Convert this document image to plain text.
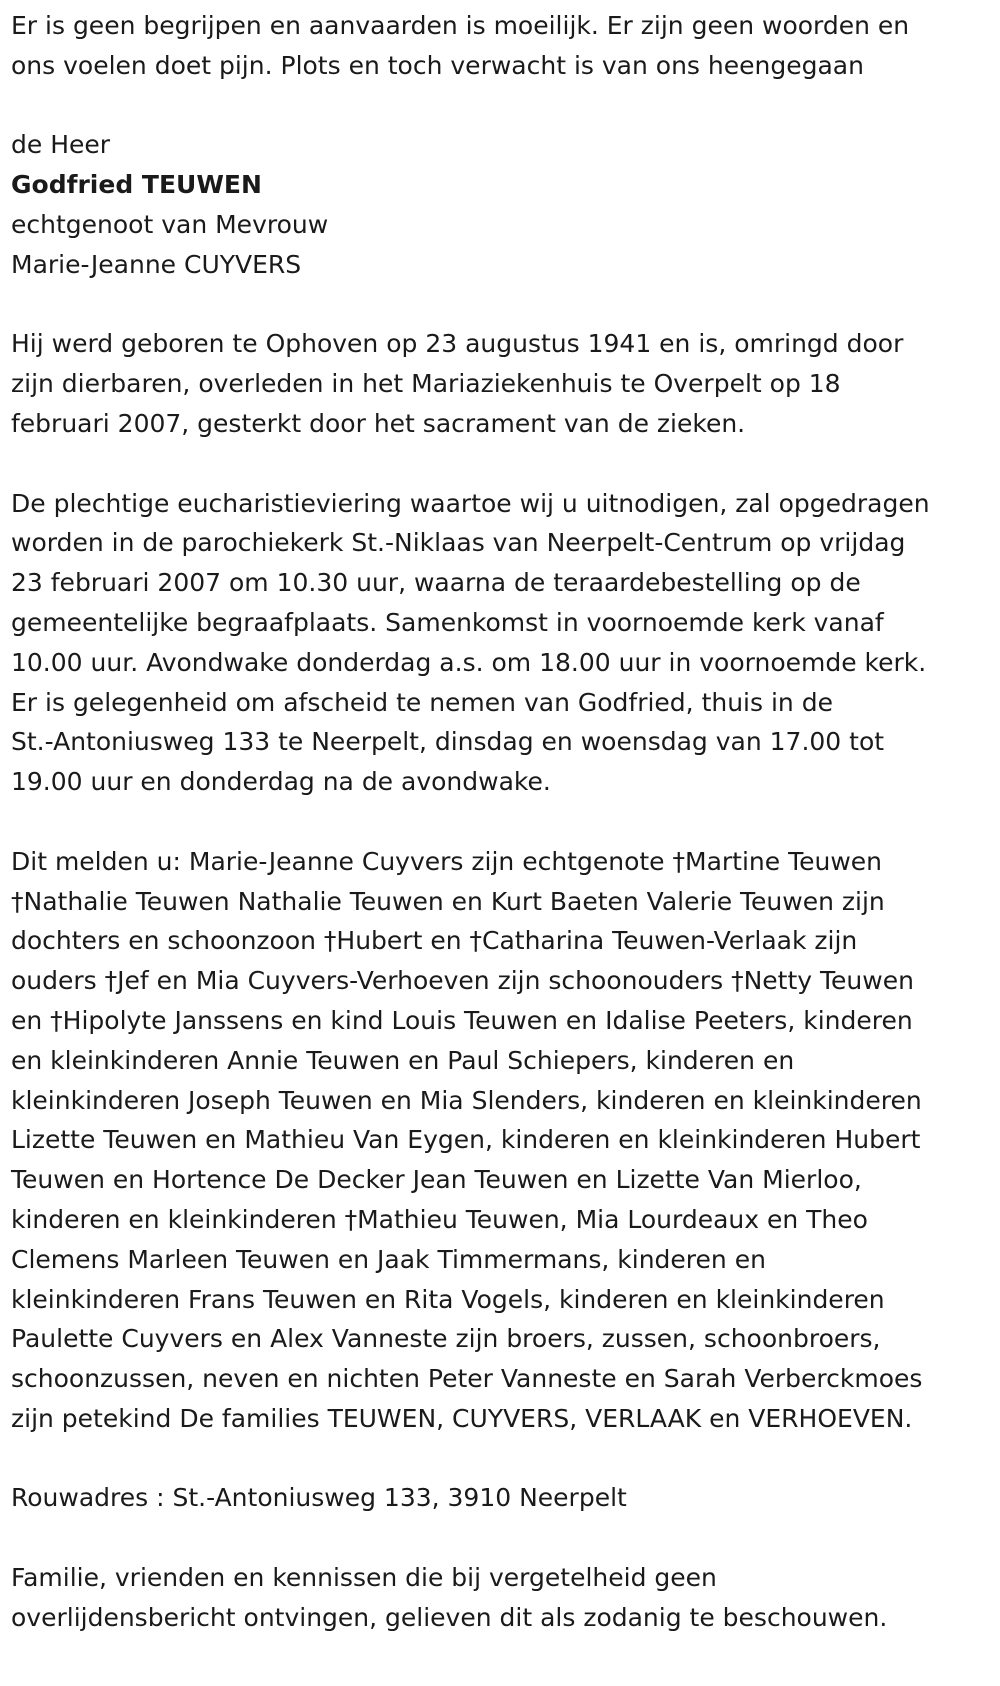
Er is geen begrijpen en aanvaarden is moeilijk. Er zijn geen woorden en
ons voelen doet pijn. Plots en toch verwacht is van ons heengegaan
de Heer
Godfried TEUWEN
echtgenoot van Mevrouw
Marie-Jeanne CUYVERS
Hij werd geboren te Ophoven op 23 augustus 1941 en is, omringd door
zijn dierbaren, overleden in het Mariaziekenhuis te Overpelt op 18
februari 2007, gesterkt door het sacrament van de zieken.
De plechtige eucharistieviering waartoe wij u uitnodigen, zal opgedragen
worden in de parochiekerk St.-Niklaas van Neerpelt-Centrum op vrijdag
23 februari 2007 om 10.30 uur, waarna de teraardebestelling op de
gemeentelijke begraafplaats. Samenkomst in voornoemde kerk vanaf
10.00 uur. Avondwake donderdag a.s. om 18.00 uur in voornoemde kerk.
Er is gelegenheid om afscheid te nemen van Godfried, thuis in de
St.-Antoniusweg 133 te Neerpelt, dinsdag en woensdag van 17.00 tot
19.00 uur en donderdag na de avondwake.
Dit melden u: Marie-Jeanne Cuyvers zijn echtgenote †Martine Teuwen
†Nathalie Teuwen Nathalie Teuwen en Kurt Baeten Valerie Teuwen zijn
dochters en schoonzoon †Hubert en †Catharina Teuwen-Verlaak zijn
ouders †Jef en Mia Cuyvers-Verhoeven zijn schoonouders †Netty Teuwen
en †Hipolyte Janssens en kind Louis Teuwen en Idalise Peeters, kinderen
en kleinkinderen Annie Teuwen en Paul Schiepers, kinderen en
kleinkinderen Joseph Teuwen en Mia Slenders, kinderen en kleinkinderen
Lizette Teuwen en Mathieu Van Eygen, kinderen en kleinkinderen Hubert
Teuwen en Hortence De Decker Jean Teuwen en Lizette Van Mierloo,
kinderen en kleinkinderen †Mathieu Teuwen, Mia Lourdeaux en Theo
Clemens Marleen Teuwen en Jaak Timmermans, kinderen en
kleinkinderen Frans Teuwen en Rita Vogels, kinderen en kleinkinderen
Paulette Cuyvers en Alex Vanneste zijn broers, zussen, schoonbroers,
schoonzussen, neven en nichten Peter Vanneste en Sarah Verberckmoes
zijn petekind De families TEUWEN, CUYVERS, VERLAAK en VERHOEVEN.
Rouwadres : St.-Antoniusweg 133, 3910 Neerpelt
Familie, vrienden en kennissen die bij vergetelheid geen
overlijdensbericht ontvingen, gelieven dit als zodanig te beschouwen.
